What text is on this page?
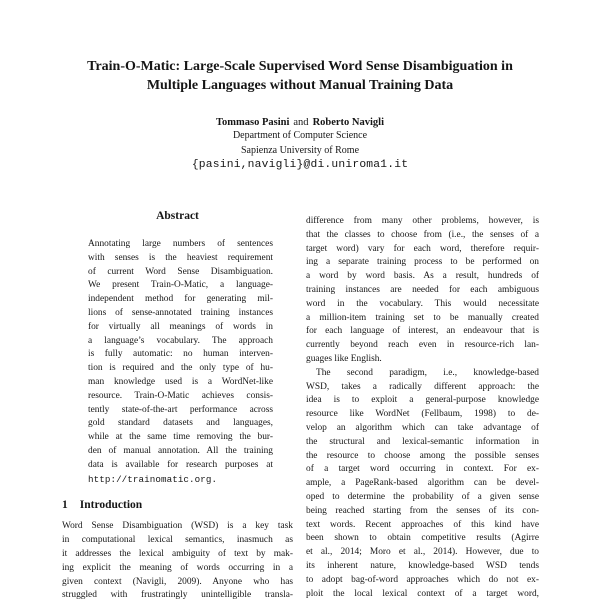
Train-O-Matic: Large-Scale Supervised Word Sense Disambiguation in
Multiple Languages without Manual Training Data
Tommaso Pasini and Roberto Navigli
Department of Computer Science
Sapienza University of Rome
{pasini,navigli}@di.uniroma1.it
Abstract
Annotating large numbers of sentences
with senses is the heaviest requirement
of current Word Sense Disambiguation.
We present Train-O-Matic, a language-
independent method for generating mil-
lions of sense-annotated training instances
for virtually all meanings of words in
a language’s vocabulary. The approach
is fully automatic: no human interven-
tion is required and the only type of hu-
man knowledge used is a WordNet-like
resource. Train-O-Matic achieves consis-
tently state-of-the-art performance across
gold standard datasets and languages,
while at the same time removing the bur-
den of manual annotation. All the training
data is available for research purposes at
http://trainomatic.org.
1 Introduction
Word Sense Disambiguation (WSD) is a key task
in computational lexical semantics, inasmuch as
it addresses the lexical ambiguity of text by mak-
ing explicit the meaning of words occurring in a
given context (Navigli, 2009). Anyone who has
struggled with frustratingly unintelligible transla-
difference from many other problems, however, is
that the classes to choose from (i.e., the senses of a
target word) vary for each word, therefore requir-
ing a separate training process to be performed on
a word by word basis. As a result, hundreds of
training instances are needed for each ambiguous
word in the vocabulary. This would necessitate
a million-item training set to be manually created
for each language of interest, an endeavour that is
currently beyond reach even in resource-rich lan-
guages like English.
The second paradigm, i.e., knowledge-based
WSD, takes a radically different approach: the
idea is to exploit a general-purpose knowledge
resource like WordNet (Fellbaum, 1998) to de-
velop an algorithm which can take advantage of
the structural and lexical-semantic information in
the resource to choose among the possible senses
of a target word occurring in context. For ex-
ample, a PageRank-based algorithm can be devel-
oped to determine the probability of a given sense
being reached starting from the senses of its con-
text words. Recent approaches of this kind have
been shown to obtain competitive results (Agirre
et al., 2014; Moro et al., 2014). However, due to
its inherent nature, knowledge-based WSD tends
to adopt bag-of-word approaches which do not ex-
ploit the local lexical context of a target word,
